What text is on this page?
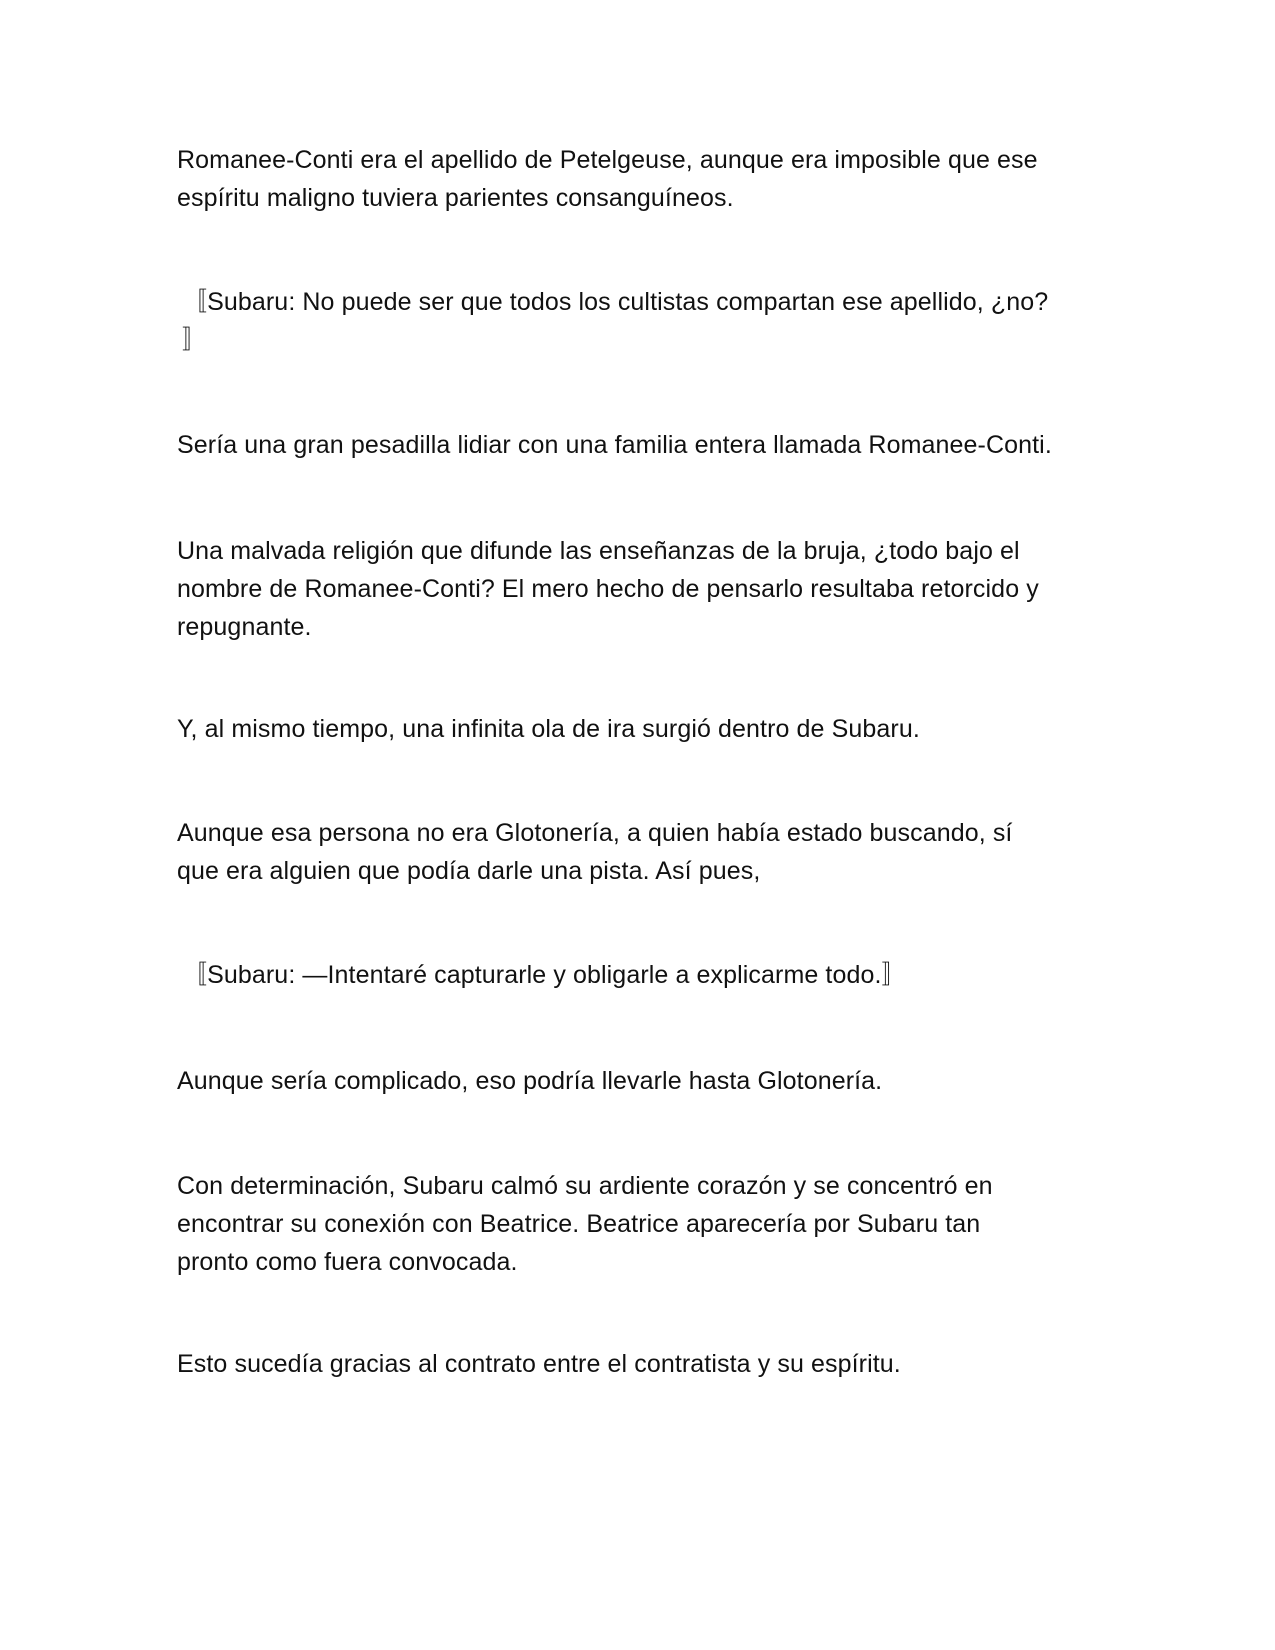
Romanee-Conti era el apellido de Petelgeuse, aunque era imposible que ese
espíritu maligno tuviera parientes consanguíneos.

〚Subaru: No puede ser que todos los cultistas compartan ese apellido, ¿no?
〛

Sería una gran pesadilla lidiar con una familia entera llamada Romanee-Conti.

Una malvada religión que difunde las enseñanzas de la bruja, ¿todo bajo el
nombre de Romanee-Conti? El mero hecho de pensarlo resultaba retorcido y
repugnante.

Y, al mismo tiempo, una infinita ola de ira surgió dentro de Subaru.

Aunque esa persona no era Glotonería, a quien había estado buscando, sí
que era alguien que podía darle una pista. Así pues,

〚Subaru: —Intentaré capturarle y obligarle a explicarme todo.〛

Aunque sería complicado, eso podría llevarle hasta Glotonería.

Con determinación, Subaru calmó su ardiente corazón y se concentró en
encontrar su conexión con Beatrice. Beatrice aparecería por Subaru tan
pronto como fuera convocada.

Esto sucedía gracias al contrato entre el contratista y su espíritu.
